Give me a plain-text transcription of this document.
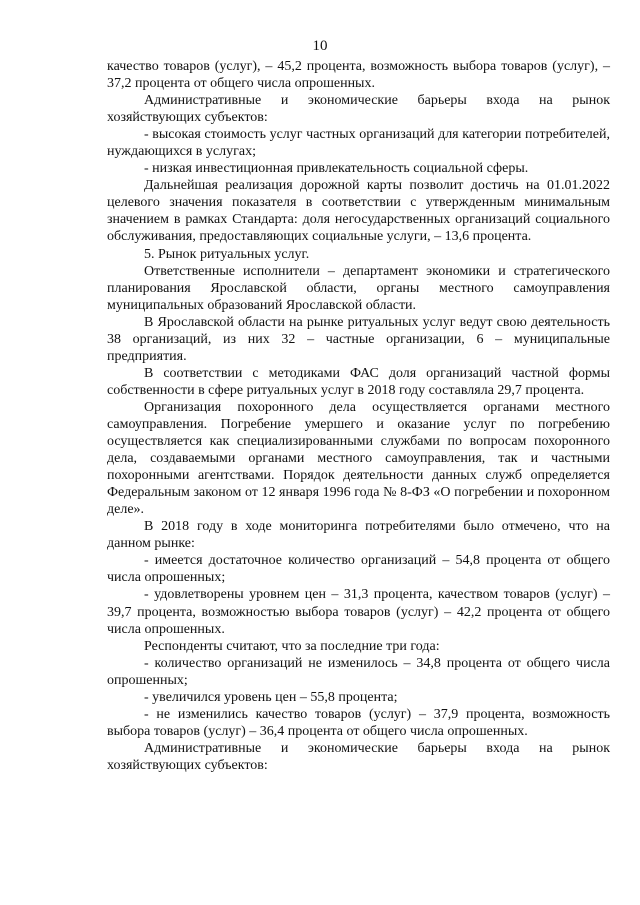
10

качество товаров (услуг), – 45,2 процента, возможность выбора товаров (услуг), – 37,2 процента от общего числа опрошенных.

Административные и экономические барьеры входа на рынок хозяйствующих субъектов:

- высокая стоимость услуг частных организаций для категории потребителей, нуждающихся в услугах;

- низкая инвестиционная привлекательность социальной сферы.

Дальнейшая реализация дорожной карты позволит достичь на 01.01.2022 целевого значения показателя в соответствии с утвержденным минимальным значением в рамках Стандарта: доля негосударственных организаций социального обслуживания, предоставляющих социальные услуги, – 13,6 процента.

5. Рынок ритуальных услуг.

Ответственные исполнители – департамент экономики и стратегического планирования Ярославской области, органы местного самоуправления муниципальных образований Ярославской области.

В Ярославской области на рынке ритуальных услуг ведут свою деятельность 38 организаций, из них 32 – частные организации, 6 – муниципальные предприятия.

В соответствии с методиками ФАС доля организаций частной формы собственности в сфере ритуальных услуг в 2018 году составляла 29,7 процента.

Организация похоронного дела осуществляется органами местного самоуправления. Погребение умершего и оказание услуг по погребению осуществляется как специализированными службами по вопросам похоронного дела, создаваемыми органами местного самоуправления, так и частными похоронными агентствами. Порядок деятельности данных служб определяется Федеральным законом от 12 января 1996 года № 8-ФЗ «О погребении и похоронном деле».

В 2018 году в ходе мониторинга потребителями было отмечено, что на данном рынке:

- имеется достаточное количество организаций – 54,8 процента от общего числа опрошенных;

- удовлетворены уровнем цен – 31,3 процента, качеством товаров (услуг) – 39,7 процента, возможностью выбора товаров (услуг) – 42,2 процента от общего числа опрошенных.

Респонденты считают, что за последние три года:

- количество организаций не изменилось – 34,8 процента от общего числа опрошенных;

- увеличился уровень цен – 55,8 процента;

- не изменились качество товаров (услуг) – 37,9 процента, возможность выбора товаров (услуг) – 36,4 процента от общего числа опрошенных.

Административные и экономические барьеры входа на рынок хозяйствующих субъектов:
